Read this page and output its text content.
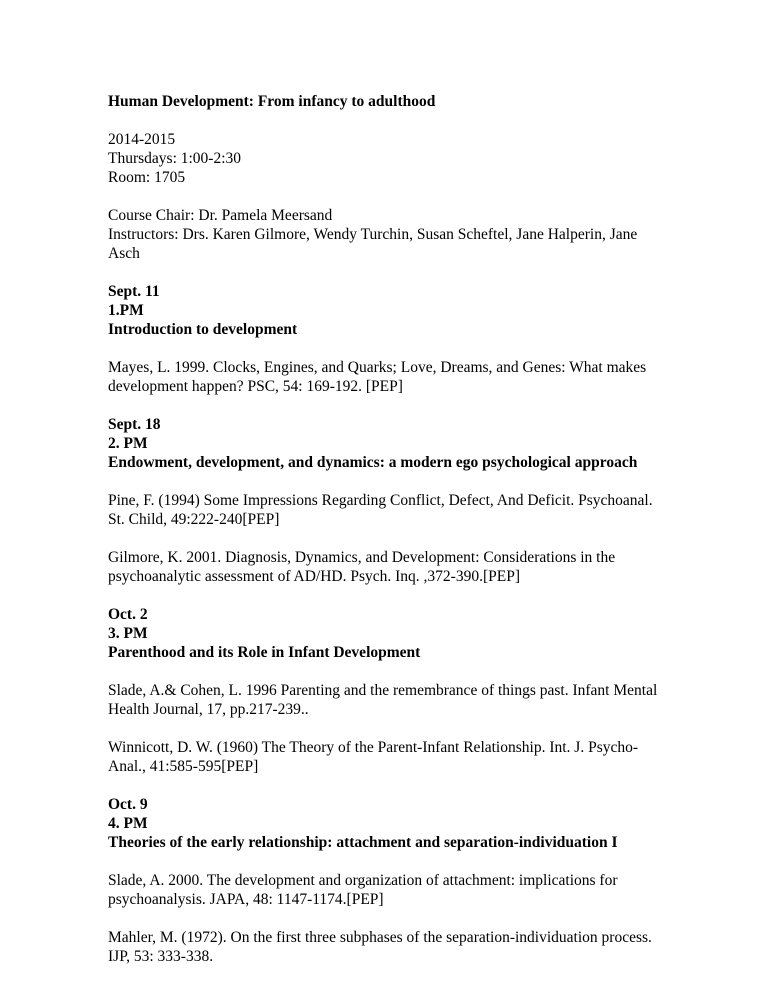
Human Development: From infancy to adulthood
2014-2015
Thursdays: 1:00-2:30
Room: 1705
Course Chair: Dr. Pamela Meersand
Instructors: Drs. Karen Gilmore, Wendy Turchin, Susan Scheftel, Jane Halperin, Jane Asch
Sept. 11
1.PM
Introduction to development
Mayes, L. 1999. Clocks, Engines, and Quarks; Love, Dreams, and Genes: What makes development happen? PSC, 54: 169-192. [PEP]
Sept. 18
2. PM
Endowment, development, and dynamics: a modern ego psychological approach
Pine, F. (1994) Some Impressions Regarding Conflict, Defect, And Deficit. Psychoanal. St. Child, 49:222-240[PEP]
Gilmore, K. 2001. Diagnosis, Dynamics, and Development: Considerations in the psychoanalytic assessment of AD/HD. Psych. Inq. ,372-390.[PEP]
Oct. 2
3. PM
Parenthood and its Role in Infant Development
Slade, A.& Cohen, L. 1996 Parenting and the remembrance of things past. Infant Mental Health Journal, 17, pp.217-239..
Winnicott, D. W. (1960) The Theory of the Parent-Infant Relationship. Int. J. Psycho-Anal., 41:585-595[PEP]
Oct. 9
4. PM
Theories of the early relationship: attachment and separation-individuation I
Slade, A. 2000. The development and organization of attachment: implications for psychoanalysis. JAPA, 48: 1147-1174.[PEP]
Mahler, M. (1972). On the first three subphases of the separation-individuation process. IJP, 53: 333-338.
